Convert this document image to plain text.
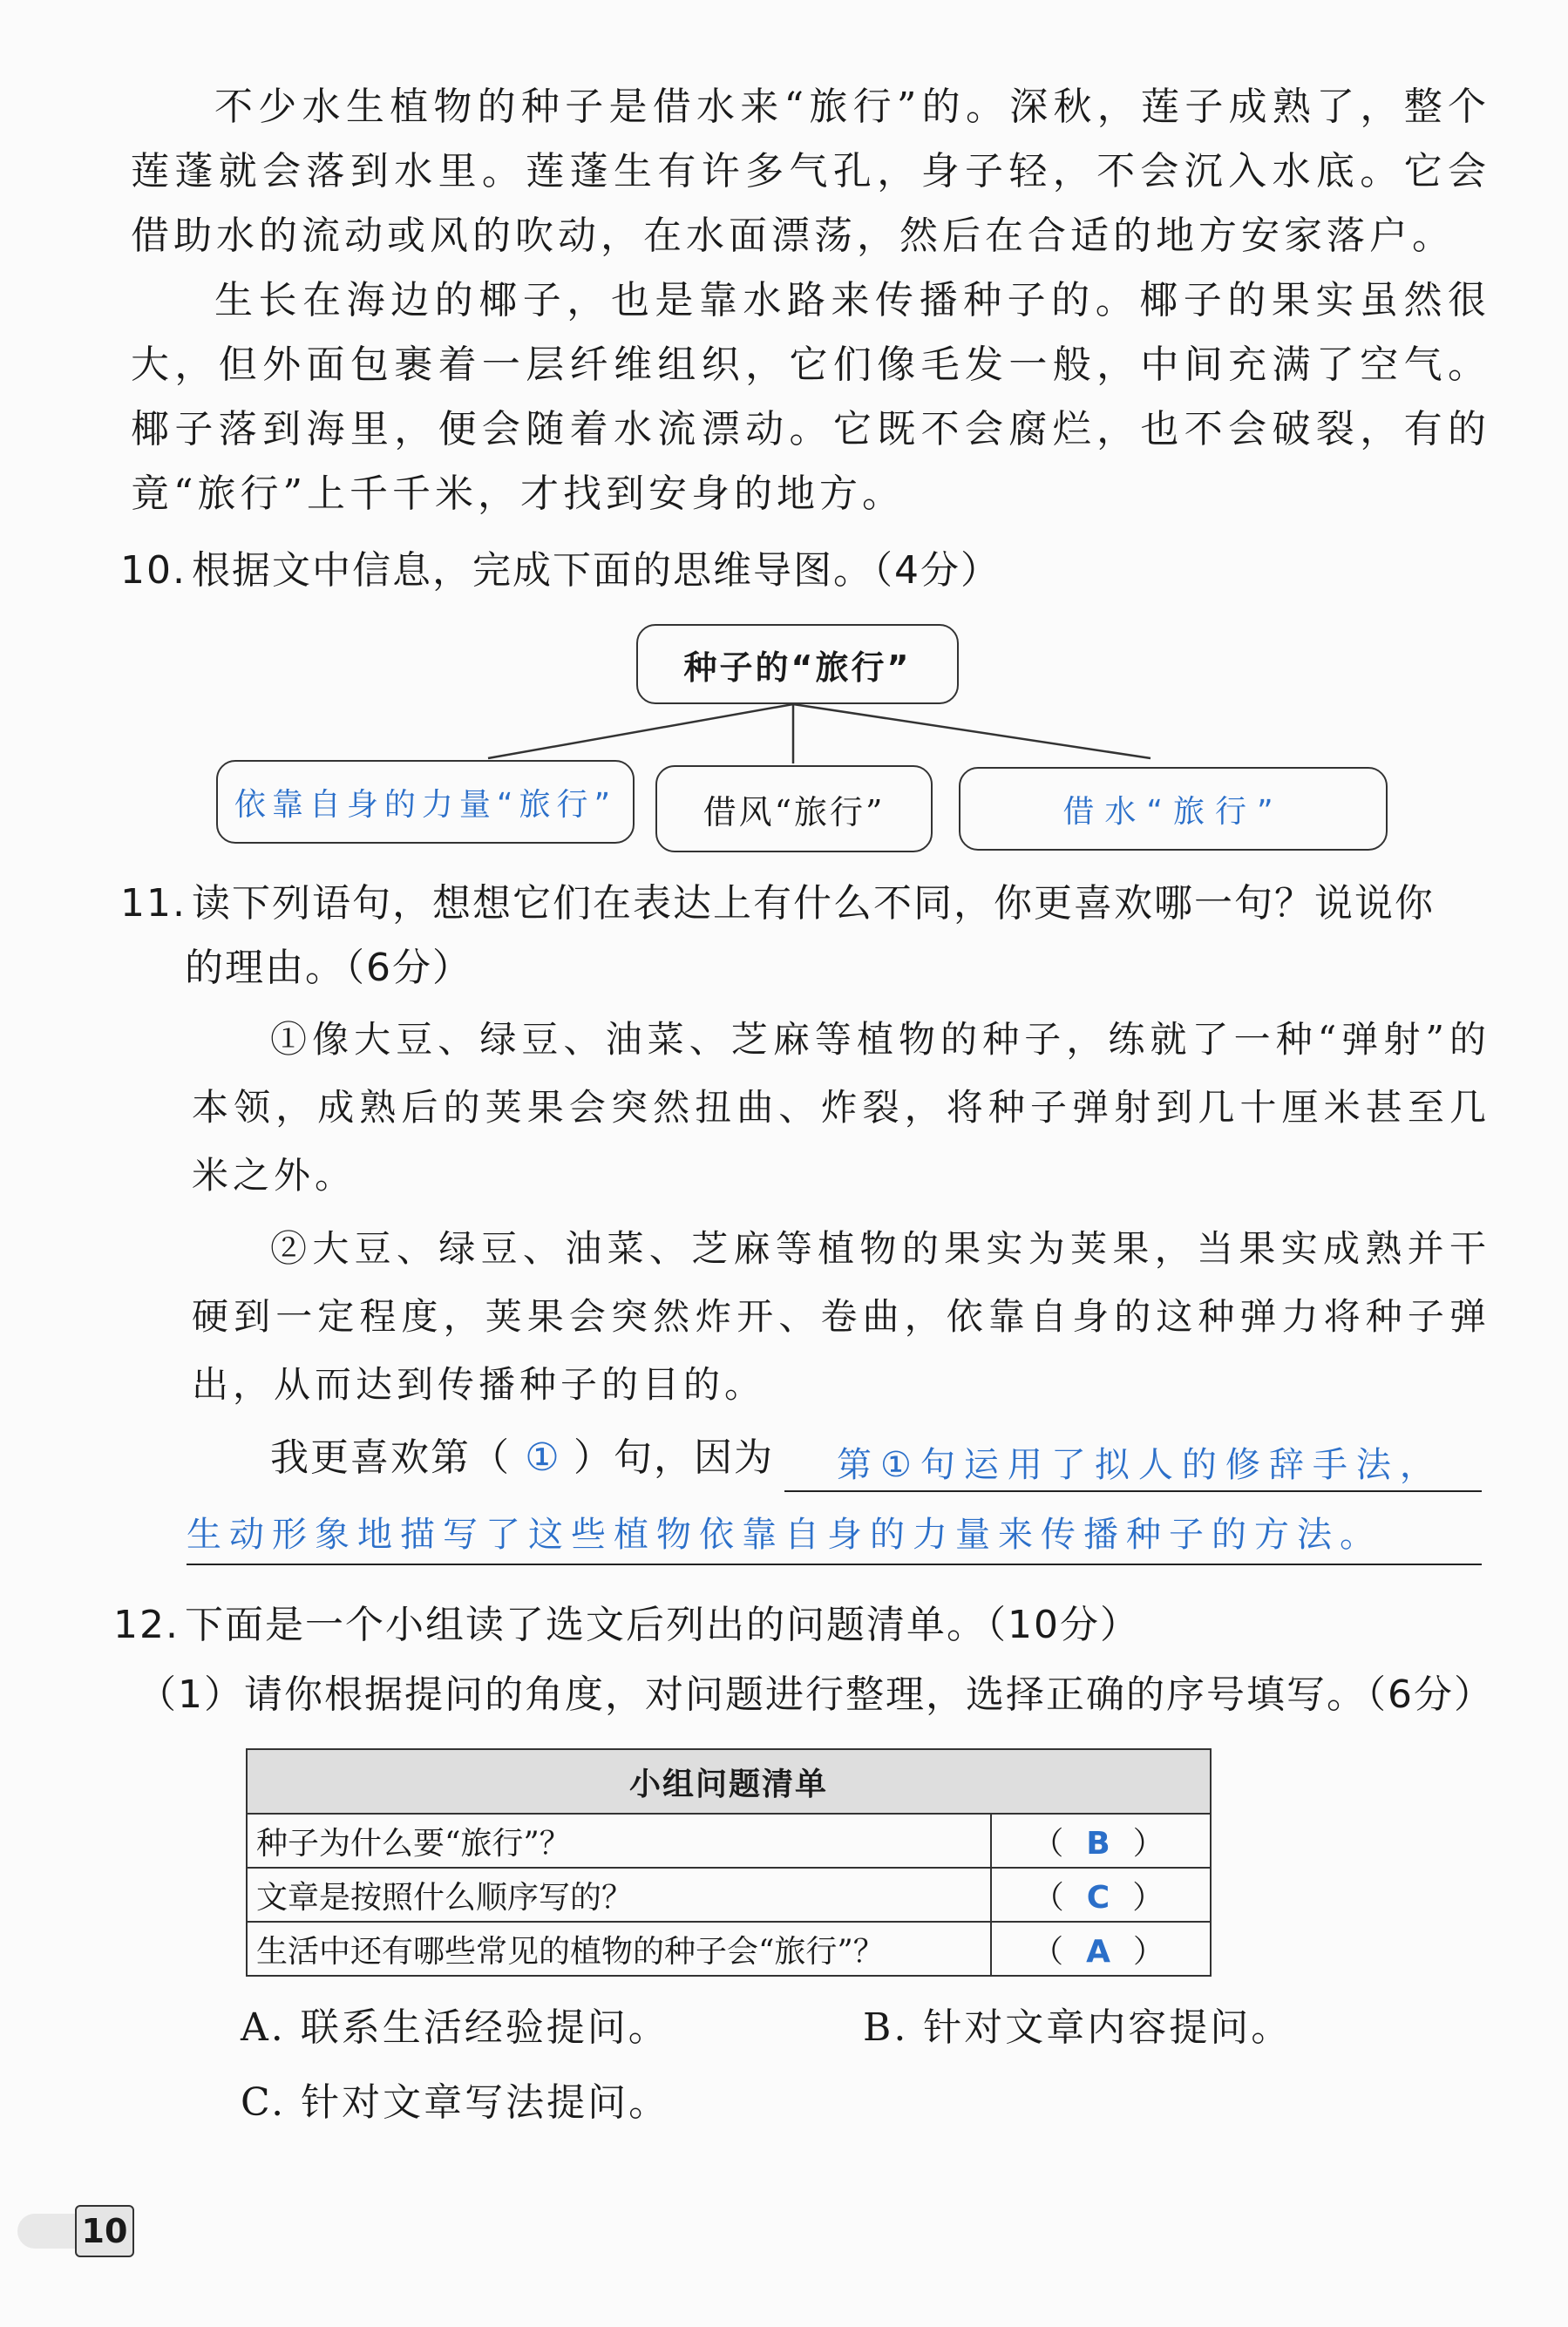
不少水生植物的种子是借水来“旅行”的。深秋，莲子成熟了，整个莲蓬就会落到水里。莲蓬生有许多气孔，身子轻，不会沉入水底。它会借助水的流动或风的吹动，在水面漂荡，然后在合适的地方安家落户。
生长在海边的椰子，也是靠水路来传播种子的。椰子的果实虽然很大，但外面包裹着一层纤维组织，它们像毛发一般，中间充满了空气。椰子落到海里，便会随着水流漂动。它既不会腐烂，也不会破裂，有的竟“旅行”上千千米，才找到安身的地方。
10. 根据文中信息，完成下面的思维导图。（4分）
种子的“旅行”
依靠自身的力量“旅行”	借风“旅行”	借水“旅行”
11. 读下列语句，想想它们在表达上有什么不同，你更喜欢哪一句？说说你
的理由。（6分）
①像大豆、绿豆、油菜、芝麻等植物的种子，练就了一种“弹射”的本领，成熟后的荚果会突然扭曲、炸裂，将种子弹射到几十厘米甚至几米之外。
②大豆、绿豆、油菜、芝麻等植物的果实为荚果，当果实成熟并干硬到一定程度，荚果会突然炸开、卷曲，依靠自身的这种弹力将种子弹出，从而达到传播种子的目的。
我更喜欢第（ ① ）句，因为	第①句运用了拟人的修辞手法，
生动形象地描写了这些植物依靠自身的力量来传播种子的方法。
12. 下面是一个小组读了选文后列出的问题清单。（10分）
（1）请你根据提问的角度，对问题进行整理，选择正确的序号填写。（6分）
小组问题清单	
种子为什么要“旅行”？	（ B ）
文章是按照什么顺序写的？	（ C ）
生活中还有哪些常见的植物的种子会“旅行”？	（ A ）
A. 联系生活经验提问。	B. 针对文章内容提问。
C. 针对文章写法提问。
10
